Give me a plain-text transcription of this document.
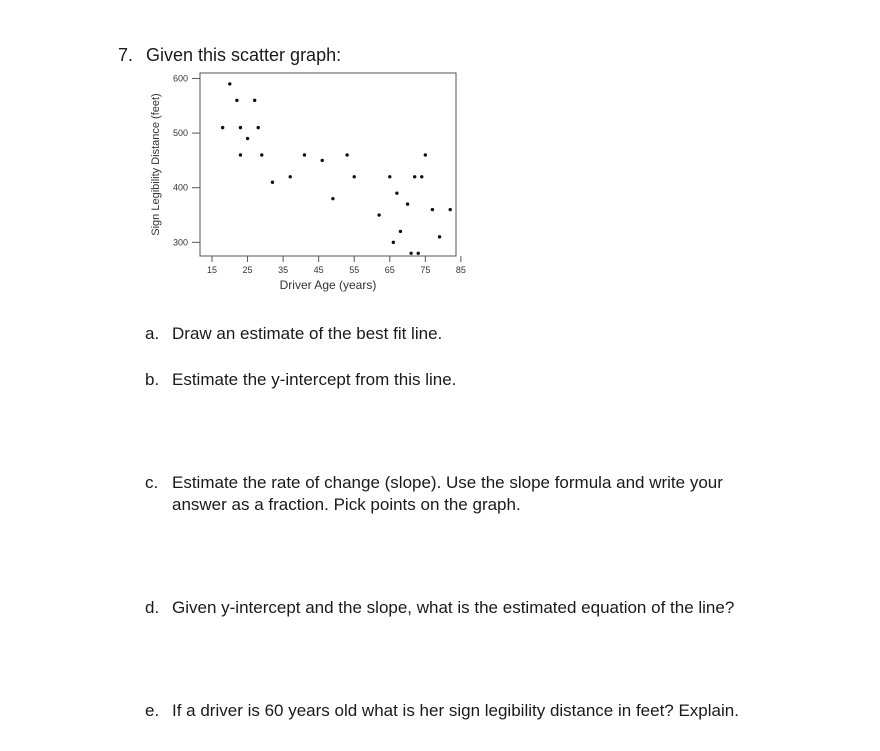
7. Given this scatter graph:
300
400
500
600
15	25	35	45	55	65	75	85
Driver Age (years)
Sign Legibility Distance (feet)
a. Draw an estimate of the best fit line.
b. Estimate the y-intercept from this line.
c. Estimate the rate of change (slope). Use the slope formula and write your answer as a fraction. Pick points on the graph.
d. Given y-intercept and the slope, what is the estimated equation of the line?
e. If a driver is 60 years old what is her sign legibility distance in feet? Explain.
